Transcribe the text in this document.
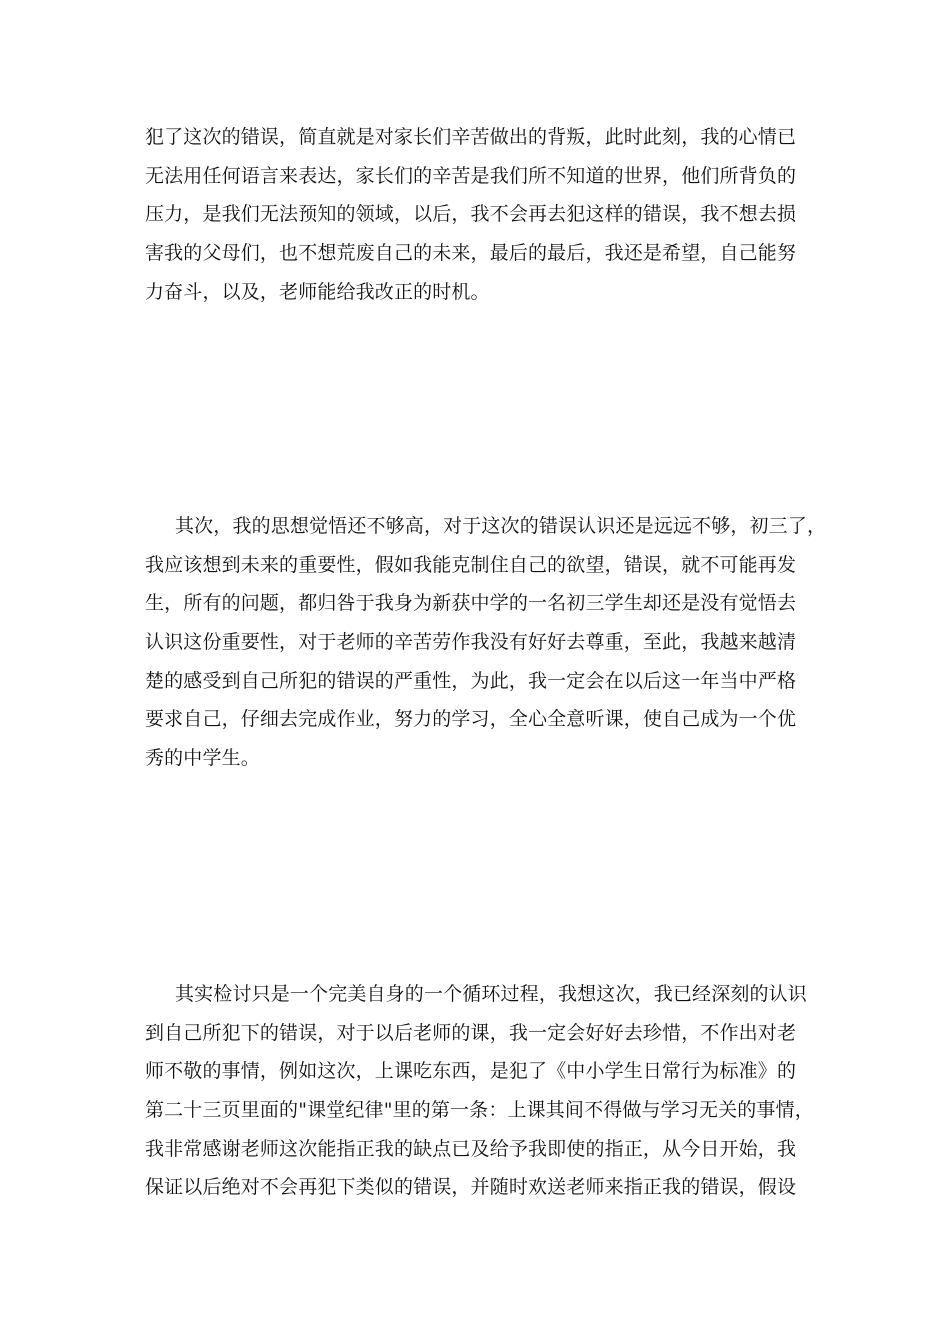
犯了这次的错误，简直就是对家长们辛苦做出的背叛，此时此刻，我的心情已
无法用任何语言来表达，家长们的辛苦是我们所不知道的世界，他们所背负的
压力，是我们无法预知的领域，以后，我不会再去犯这样的错误，我不想去损
害我的父母们，也不想荒废自己的未来，最后的最后，我还是希望，自己能努
力奋斗，以及，老师能给我改正的时机。
其次，我的思想觉悟还不够高，对于这次的错误认识还是远远不够，初三了，
我应该想到未来的重要性，假如我能克制住自己的欲望，错误，就不可能再发
生，所有的问题，都归咎于我身为新获中学的一名初三学生却还是没有觉悟去
认识这份重要性，对于老师的辛苦劳作我没有好好去尊重，至此，我越来越清
楚的感受到自己所犯的错误的严重性，为此，我一定会在以后这一年当中严格
要求自己，仔细去完成作业，努力的学习，全心全意听课，使自己成为一个优
秀的中学生。
其实检讨只是一个完美自身的一个循环过程，我想这次，我已经深刻的认识
到自己所犯下的错误，对于以后老师的课，我一定会好好去珍惜，不作出对老
师不敬的事情，例如这次，上课吃东西，是犯了《中小学生日常行为标准》的
第二十三页里面的"课堂纪律"里的第一条：上课其间不得做与学习无关的事情，
我非常感谢老师这次能指正我的缺点已及给予我即使的指正，从今日开始，我
保证以后绝对不会再犯下类似的错误，并随时欢送老师来指正我的错误，假设
